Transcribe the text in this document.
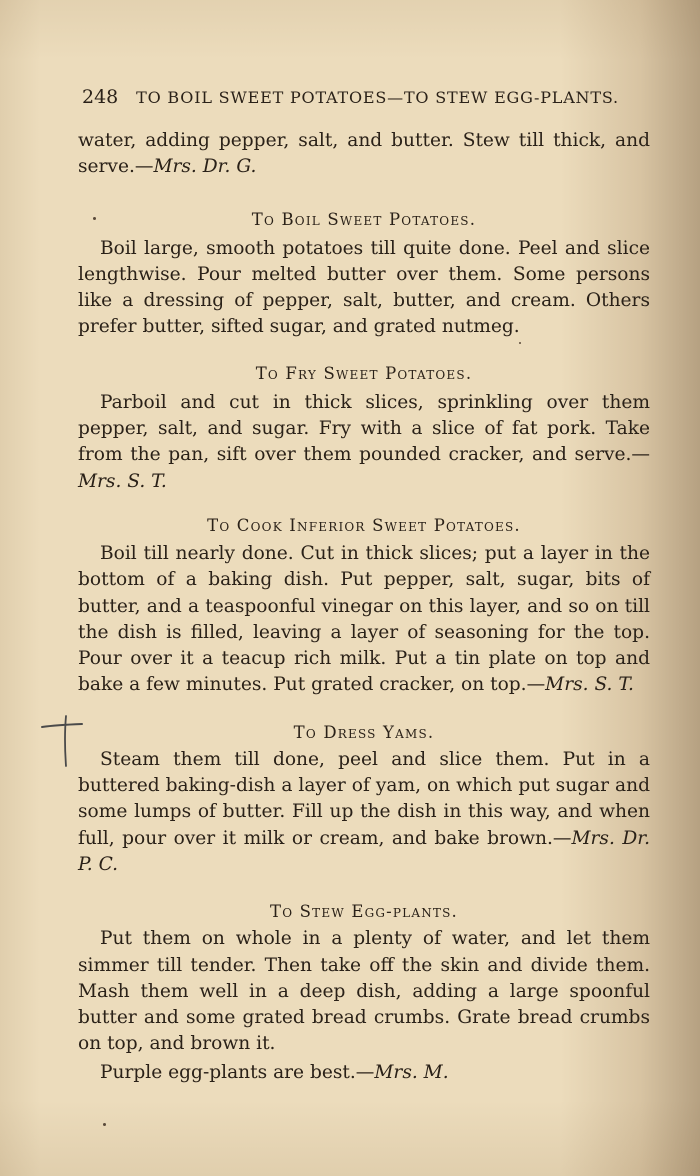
248 TO BOIL SWEET POTATOES—TO STEW EGG-PLANTS.

water, adding pepper, salt, and butter. Stew till thick, and serve.—Mrs. Dr. G.

To Boil Sweet Potatoes.

Boil large, smooth potatoes till quite done. Peel and slice lengthwise. Pour melted butter over them. Some persons like a dressing of pepper, salt, butter, and cream. Others prefer butter, sifted sugar, and grated nutmeg.

To Fry Sweet Potatoes.

Parboil and cut in thick slices, sprinkling over them pepper, salt, and sugar. Fry with a slice of fat pork. Take from the pan, sift over them pounded cracker, and serve.—Mrs. S. T.

To Cook Inferior Sweet Potatoes.

Boil till nearly done. Cut in thick slices; put a layer in the bottom of a baking dish. Put pepper, salt, sugar, bits of butter, and a teaspoonful vinegar on this layer, and so on till the dish is filled, leaving a layer of seasoning for the top. Pour over it a teacup rich milk. Put a tin plate on top and bake a few minutes. Put grated cracker, on top.—Mrs. S. T.

To Dress Yams.

Steam them till done, peel and slice them. Put in a buttered baking-dish a layer of yam, on which put sugar and some lumps of butter. Fill up the dish in this way, and when full, pour over it milk or cream, and bake brown.—Mrs. Dr. P. C.

To Stew Egg-plants.

Put them on whole in a plenty of water, and let them simmer till tender. Then take off the skin and divide them. Mash them well in a deep dish, adding a large spoonful butter and some grated bread crumbs. Grate bread crumbs on top, and brown it.

Purple egg-plants are best.—Mrs. M.
